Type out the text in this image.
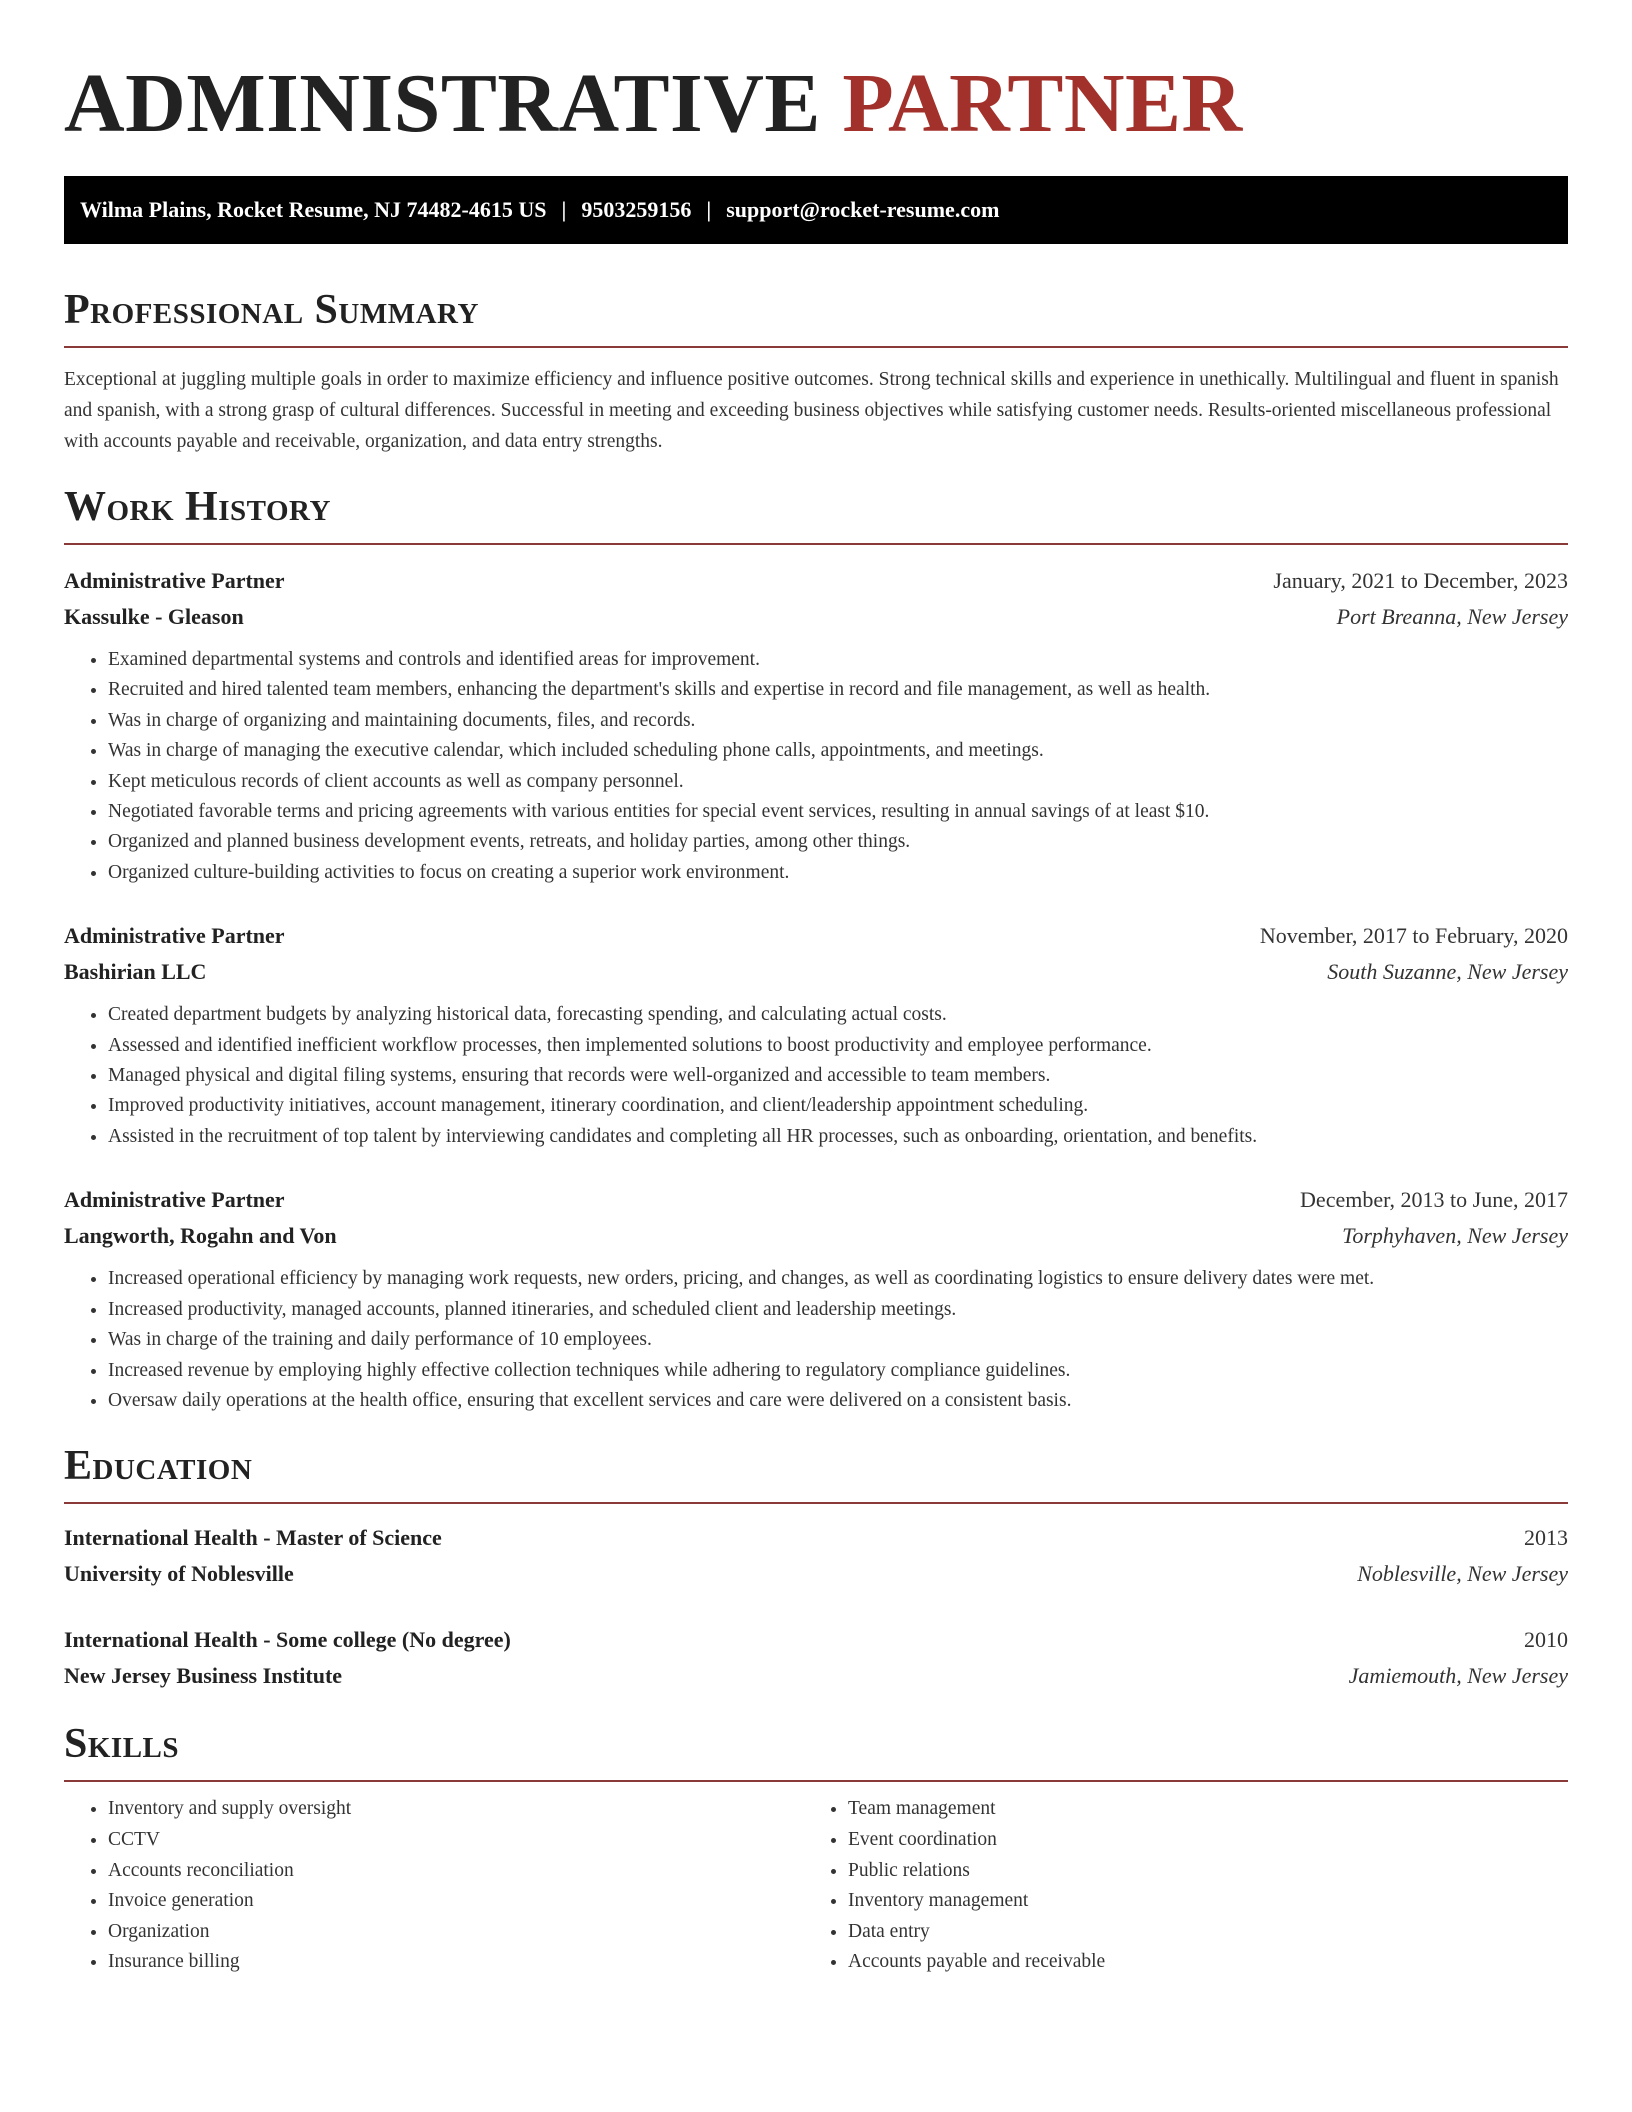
ADMINISTRATIVE PARTNER
Wilma Plains, Rocket Resume, NJ 74482-4615 US | 9503259156 | support@rocket-resume.com
Professional Summary

Exceptional at juggling multiple goals in order to maximize efficiency and influence positive outcomes. Strong technical skills and experience in unethically. Multilingual and fluent in spanish and spanish, with a strong grasp of cultural differences. Successful in meeting and exceeding business objectives while satisfying customer needs. Results-oriented miscellaneous professional with accounts payable and receivable, organization, and data entry strengths.

Work History
Administrative Partner	January, 2021 to December, 2023
Kassulke - Gleason	Port Breanna, New Jersey
• Examined departmental systems and controls and identified areas for improvement.
• Recruited and hired talented team members, enhancing the department's skills and expertise in record and file management, as well as health.
• Was in charge of organizing and maintaining documents, files, and records.
• Was in charge of managing the executive calendar, which included scheduling phone calls, appointments, and meetings.
• Kept meticulous records of client accounts as well as company personnel.
• Negotiated favorable terms and pricing agreements with various entities for special event services, resulting in annual savings of at least $10.
• Organized and planned business development events, retreats, and holiday parties, among other things.
• Organized culture-building activities to focus on creating a superior work environment.
Administrative Partner	November, 2017 to February, 2020
Bashirian LLC	South Suzanne, New Jersey
• Created department budgets by analyzing historical data, forecasting spending, and calculating actual costs.
• Assessed and identified inefficient workflow processes, then implemented solutions to boost productivity and employee performance.
• Managed physical and digital filing systems, ensuring that records were well-organized and accessible to team members.
• Improved productivity initiatives, account management, itinerary coordination, and client/leadership appointment scheduling.
• Assisted in the recruitment of top talent by interviewing candidates and completing all HR processes, such as onboarding, orientation, and benefits.
Administrative Partner	December, 2013 to June, 2017
Langworth, Rogahn and Von	Torphyhaven, New Jersey
• Increased operational efficiency by managing work requests, new orders, pricing, and changes, as well as coordinating logistics to ensure delivery dates were met.
• Increased productivity, managed accounts, planned itineraries, and scheduled client and leadership meetings.
• Was in charge of the training and daily performance of 10 employees.
• Increased revenue by employing highly effective collection techniques while adhering to regulatory compliance guidelines.
• Oversaw daily operations at the health office, ensuring that excellent services and care were delivered on a consistent basis.
Education
International Health - Master of Science	2013
University of Noblesville	Noblesville, New Jersey
International Health - Some college (No degree)	2010
New Jersey Business Institute	Jamiemouth, New Jersey
Skills
• Inventory and supply oversight
• CCTV
• Accounts reconciliation
• Invoice generation
• Organization
• Insurance billing
• Team management
• Event coordination
• Public relations
• Inventory management
• Data entry
• Accounts payable and receivable
